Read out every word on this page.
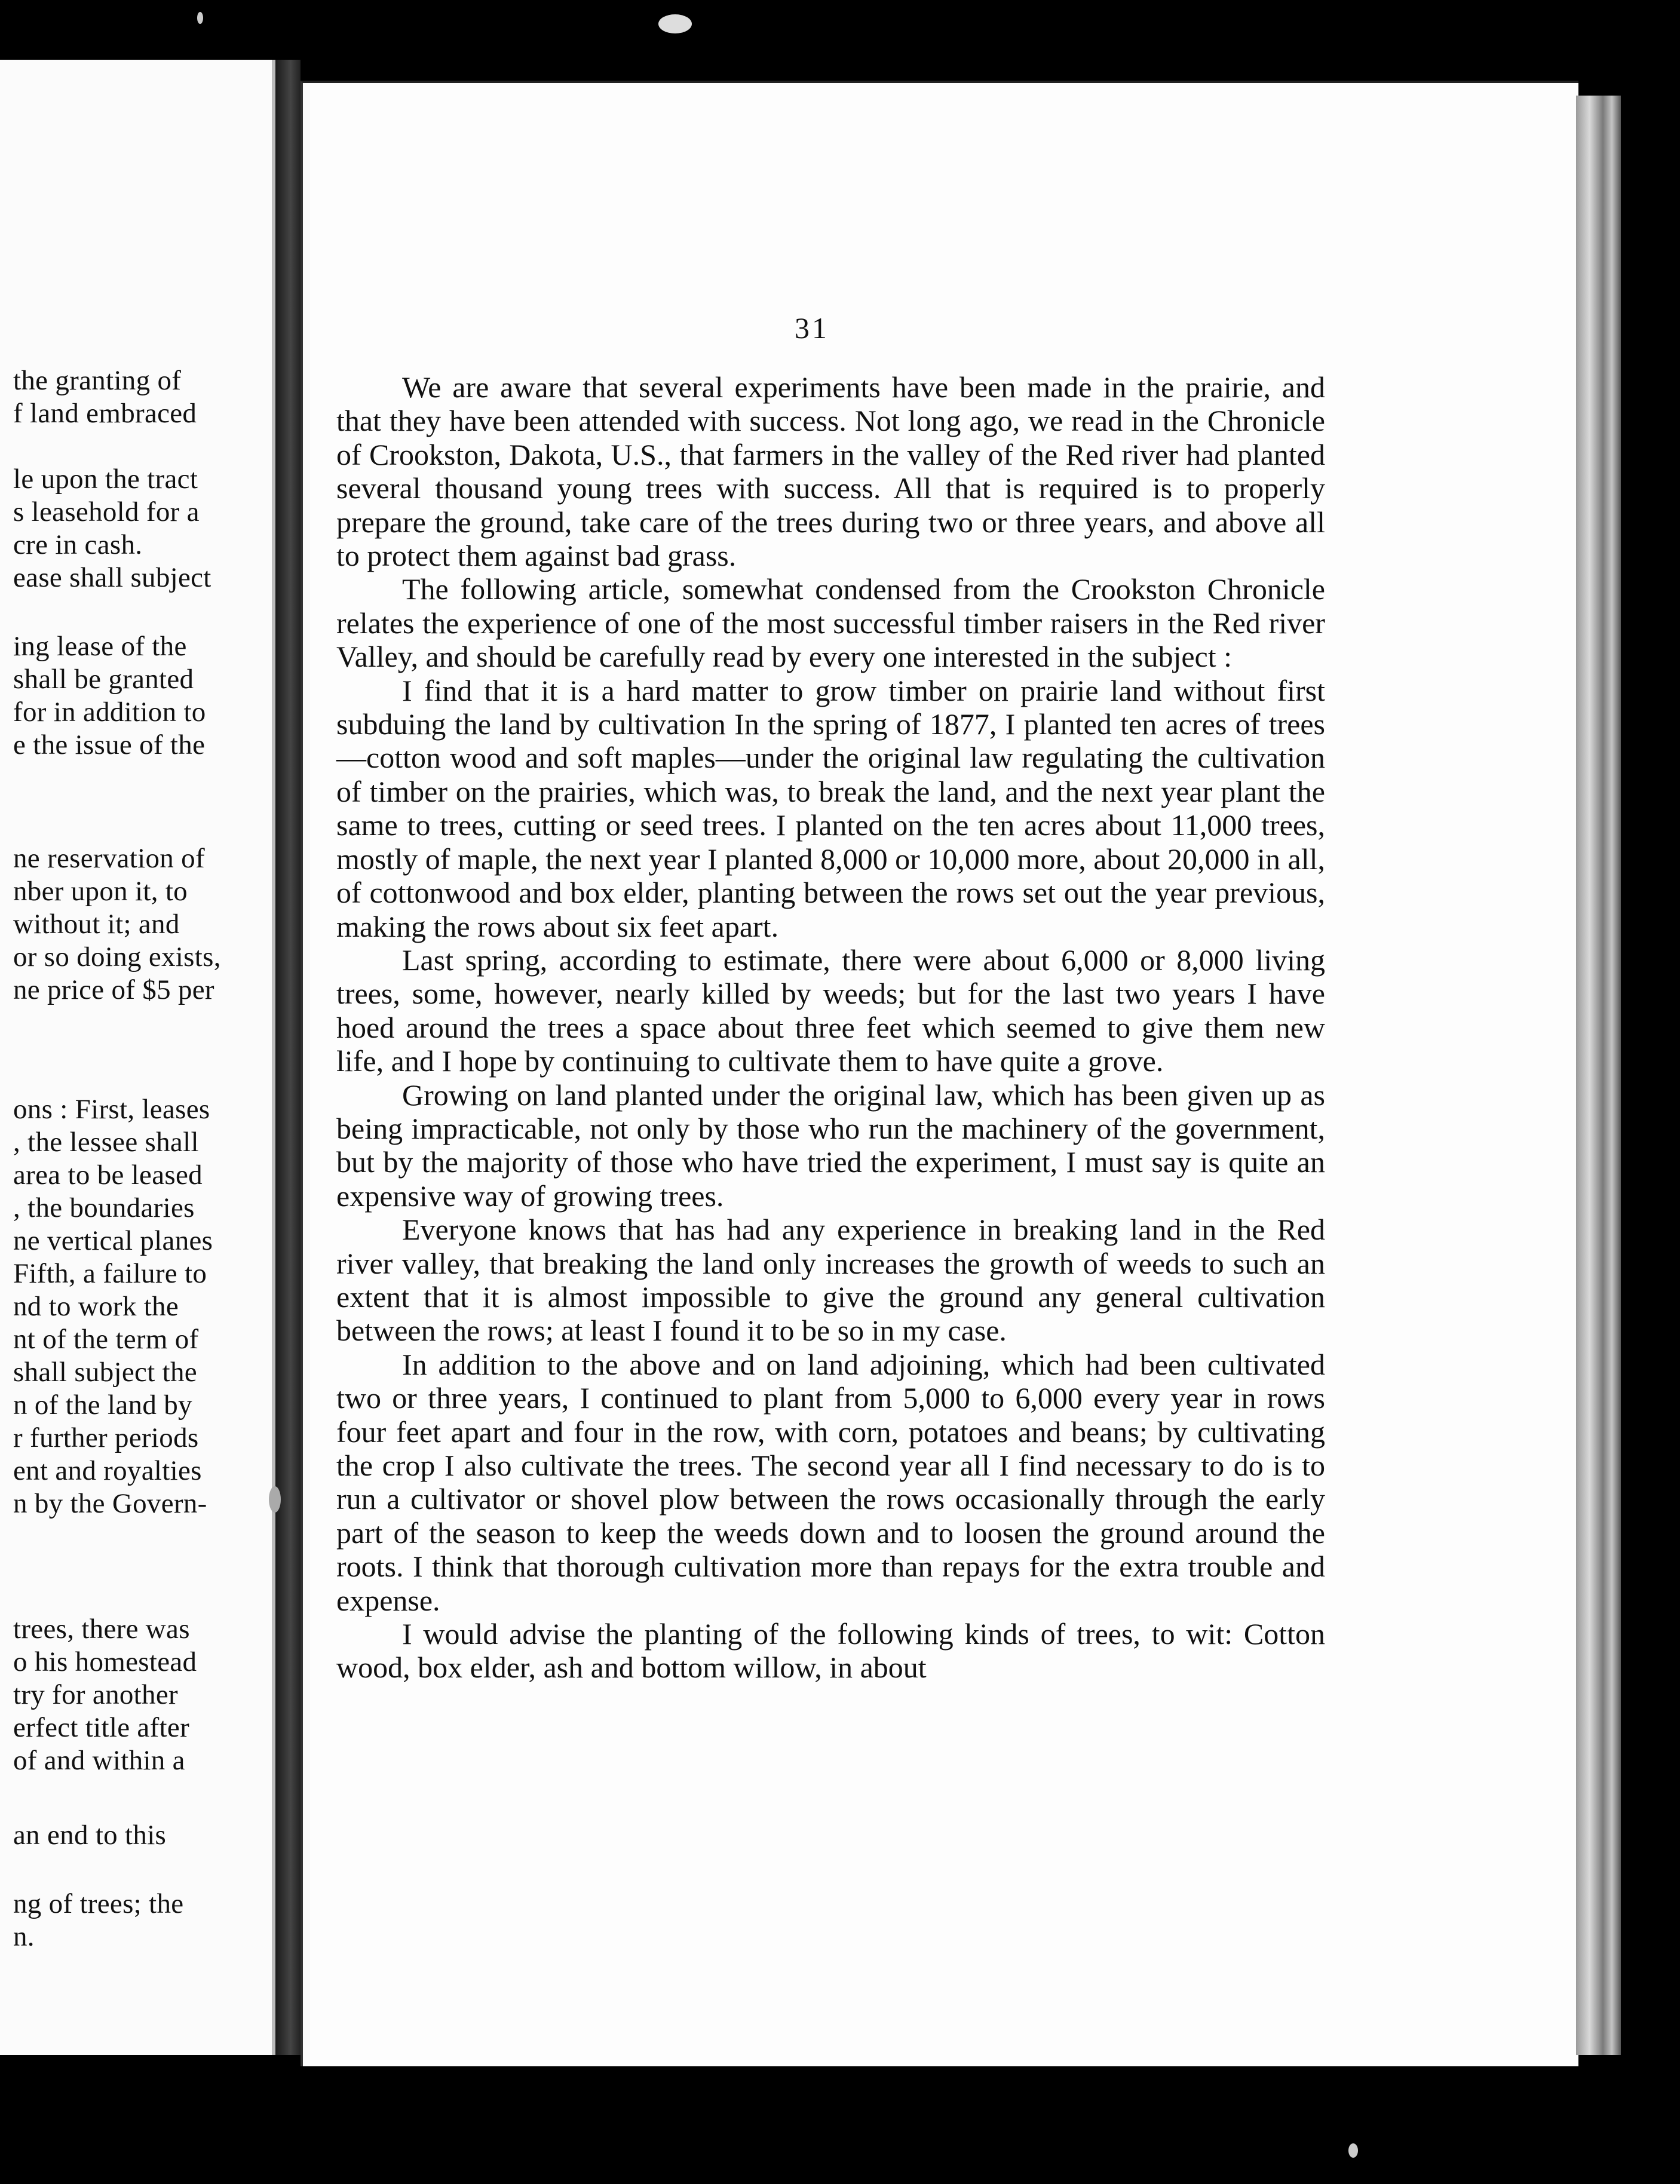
the granting of
f land embraced
le upon the tract
s leasehold for a
cre in cash.
ease shall subject
ing lease of the
shall be granted
for in addition to
e the issue of the
ne reservation of
nber upon it, to
without it; and
or so doing exists,
ne price of $5 per
ons : First, leases
, the lessee shall
area to be leased
, the boundaries
ne vertical planes
Fifth, a failure to
nd to work the
nt of the term of
shall subject the
n of the land by
r further periods
ent and royalties
n by the Govern-
trees, there was
o his homestead
try for another
erfect title after
of and within a
an end to this
ng of trees; the
n.
31

We are aware that several experiments have been made in the prairie, and that they have been attended with success. Not long ago, we read in the Chronicle of Crookston, Dakota, U.S., that farmers in the valley of the Red river had planted several thousand young trees with success. All that is required is to properly prepare the ground, take care of the trees during two or three years, and above all to protect them against bad grass.

The following article, somewhat condensed from the Crookston Chronicle relates the experience of one of the most successful timber raisers in the Red river Valley, and should be carefully read by every one interested in the subject :

I find that it is a hard matter to grow timber on prairie land without first subduing the land by cultivation In the spring of 1877, I planted ten acres of trees—cotton wood and soft maples—under the original law regulating the cultivation of timber on the prairies, which was, to break the land, and the next year plant the same to trees, cutting or seed trees. I planted on the ten acres about 11,000 trees, mostly of maple, the next year I planted 8,000 or 10,000 more, about 20,000 in all, of cottonwood and box elder, planting between the rows set out the year previous, making the rows about six feet apart.

Last spring, according to estimate, there were about 6,000 or 8,000 living trees, some, however, nearly killed by weeds; but for the last two years I have hoed around the trees a space about three feet which seemed to give them new life, and I hope by continuing to cultivate them to have quite a grove.

Growing on land planted under the original law, which has been given up as being impracticable, not only by those who run the machinery of the government, but by the majority of those who have tried the experiment, I must say is quite an expensive way of growing trees.

Everyone knows that has had any experience in breaking land in the Red river valley, that breaking the land only increases the growth of weeds to such an extent that it is almost impossible to give the ground any general cultivation between the rows; at least I found it to be so in my case.

In addition to the above and on land adjoining, which had been cultivated two or three years, I continued to plant from 5,000 to 6,000 every year in rows four feet apart and four in the row, with corn, potatoes and beans; by cultivating the crop I also cultivate the trees. The second year all I find necessary to do is to run a cultivator or shovel plow between the rows occasionally through the early part of the season to keep the weeds down and to loosen the ground around the roots. I think that thorough cultivation more than repays for the extra trouble and expense.

I would advise the planting of the following kinds of trees, to wit: Cotton wood, box elder, ash and bottom willow, in about
